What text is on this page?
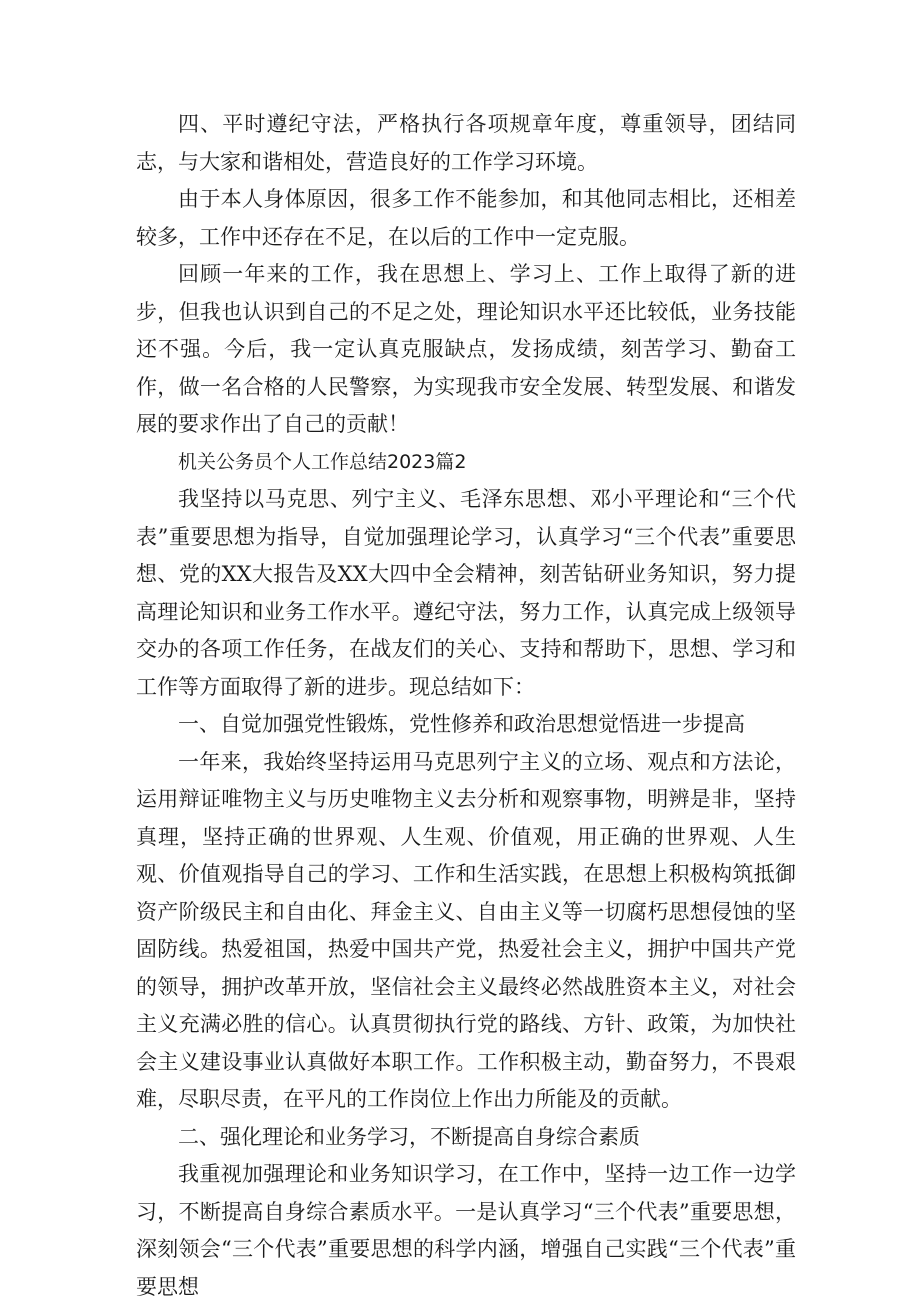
四、平时遵纪守法，严格执行各项规章年度，尊重领导，团结同志，与大家和谐相处，营造良好的工作学习环境。

由于本人身体原因，很多工作不能参加，和其他同志相比，还相差较多，工作中还存在不足，在以后的工作中一定克服。

回顾一年来的工作，我在思想上、学习上、工作上取得了新的进步，但我也认识到自己的不足之处，理论知识水平还比较低，业务技能还不强。今后，我一定认真克服缺点，发扬成绩，刻苦学习、勤奋工作，做一名合格的人民警察，为实现我市安全发展、转型发展、和谐发展的要求作出了自己的贡献！

机关公务员个人工作总结2023篇2

我坚持以马克思、列宁主义、毛泽东思想、邓小平理论和“三个代表”重要思想为指导，自觉加强理论学习，认真学习“三个代表”重要思想、党的XX大报告及XX大四中全会精神，刻苦钻研业务知识，努力提高理论知识和业务工作水平。遵纪守法，努力工作，认真完成上级领导交办的各项工作任务，在战友们的关心、支持和帮助下，思想、学习和工作等方面取得了新的进步。现总结如下：

一、自觉加强党性锻炼，党性修养和政治思想觉悟进一步提高

一年来，我始终坚持运用马克思列宁主义的立场、观点和方法论，运用辩证唯物主义与历史唯物主义去分析和观察事物，明辨是非，坚持真理，坚持正确的世界观、人生观、价值观，用正确的世界观、人生观、价值观指导自己的学习、工作和生活实践，在思想上积极构筑抵御资产阶级民主和自由化、拜金主义、自由主义等一切腐朽思想侵蚀的坚固防线。热爱祖国，热爱中国共产党，热爱社会主义，拥护中国共产党的领导，拥护改革开放，坚信社会主义最终必然战胜资本主义，对社会主义充满必胜的信心。认真贯彻执行党的路线、方针、政策，为加快社会主义建设事业认真做好本职工作。工作积极主动，勤奋努力，不畏艰难，尽职尽责，在平凡的工作岗位上作出力所能及的贡献。

二、强化理论和业务学习，不断提高自身综合素质

我重视加强理论和业务知识学习，在工作中，坚持一边工作一边学习，不断提高自身综合素质水平。一是认真学习“三个代表”重要思想，深刻领会“三个代表”重要思想的科学内涵，增强自己实践“三个代表”重要思想
